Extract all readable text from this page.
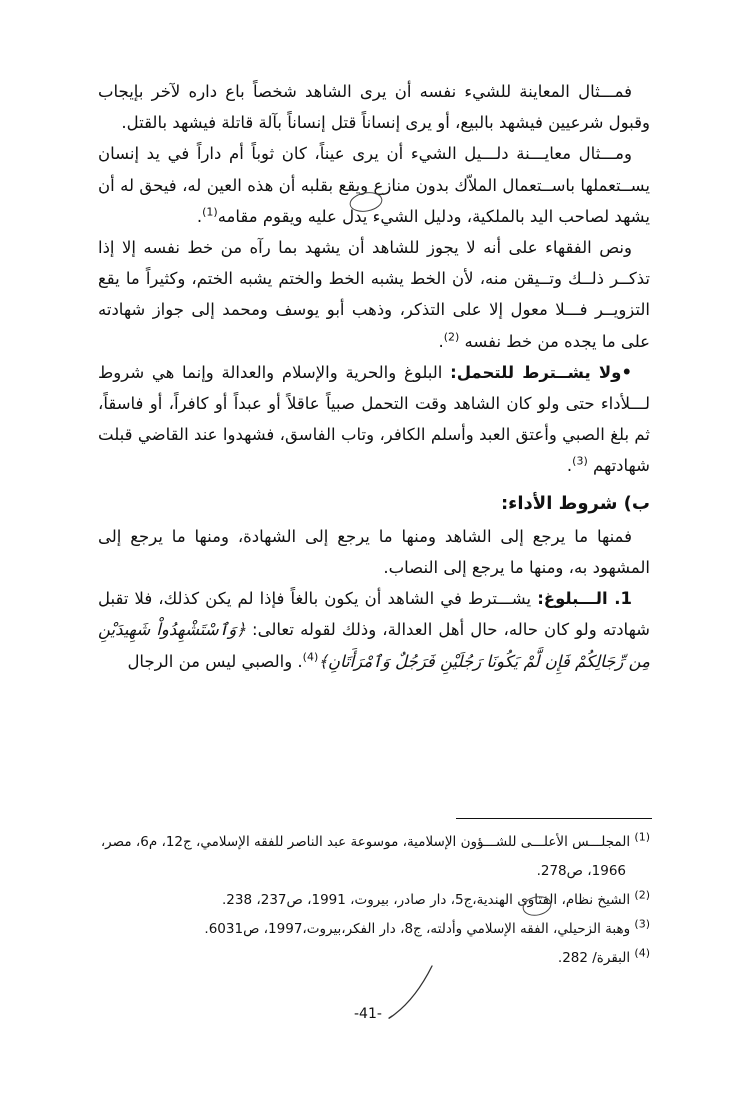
فمـــثال المعاينة للشيء نفسه أن يرى الشاهد شخصاً باع داره لآخر بإيجاب وقبول شرعيين فيشهد بالبيع، أو يرى إنساناً قتل إنساناً بآلة قاتلة فيشهد بالقتل.

ومـــثال معايـــنة دلـــيل الشيء أن يرى عيناً، كان ثوباً أم داراً في يد إنسان يســتعملها باســتعمال الملاّك بدون منازع ويقع بقلبه أن هذه العين له، فيحق له أن يشهد لصاحب اليد بالملكية، ودليل الشيء يدل عليه ويقوم مقامه$^{(1)}$.

ونص الفقهاء على أنه لا يجوز للشاهد أن يشهد بما رآه من خط نفسه إلا إذا تذكــر ذلــك وتــيقن منه، لأن الخط يشبه الخط والختم يشبه الختم، وكثيراً ما يقع التزويــر فـــلا معول إلا على التذكر، وذهب أبو يوسف ومحمد إلى جواز شهادته على ما يجده من خط نفسه $^{(2)}$.

•ولا يشــترط للتحمل: البلوغ والحرية والإسلام والعدالة وإنما هي شروط لـــلأداء حتى ولو كان الشاهد وقت التحمل صبياً عاقلاً أو عبداً أو كافراً، أو فاسقاً، ثم بلغ الصبي وأعتق العبد وأسلم الكافر، وتاب الفاسق، فشهدوا عند القاضي قبلت شهادتهم $^{(3)}$.

ب) شروط الأداء:

فمنها ما يرجع إلى الشاهد ومنها ما يرجع إلى الشهادة، ومنها ما يرجع إلى المشهود به، ومنها ما يرجع إلى النصاب.

1. الـــبلوغ: يشـــترط في الشاهد أن يكون بالغاً فإذا لم يكن كذلك، فلا تقبل شهادته ولو كان حاله، حال أهل العدالة، وذلك لقوله تعالى: ﴿وَٱسْتَشْهِدُواْ شَهِيدَيْنِ مِن رِّجَالِكُمْ فَإِن لَّمْ يَكُونَا رَجُلَيْنِ فَرَجُلٌ وَٱمْرَأَتَانِ﴾$^{(4)}$. والصبي ليس من الرجال

$^{(1)}$ المجلـــس الأعلـــى للشـــؤون الإسلامية، موسوعة عبد الناصر للفقه الإسلامي، ج12، م6، مصر،
1966، ص278.

$^{(2)}$ الشيخ نظام، الفتاوى الهندية،ج5، دار صادر، بيروت، 1991، ص237، 238.

$^{(3)}$ وهبة الزحيلي، الفقه الإسلامي وأدلته، ج8، دار الفكر،بيروت،1997، ص6031.

$^{(4)}$ البقرة/ 282.

-41-
